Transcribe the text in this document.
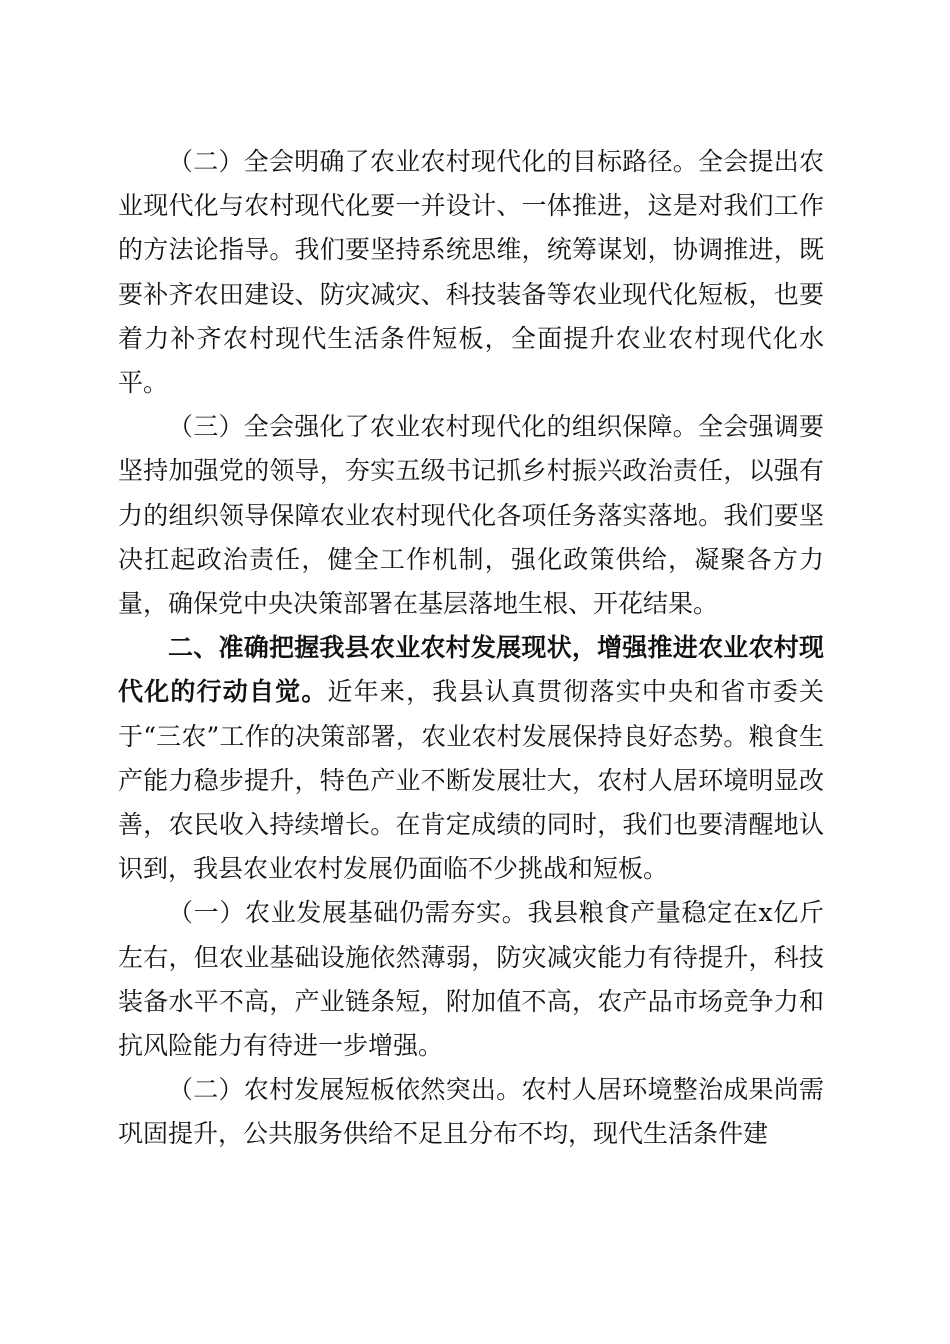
（二）全会明确了农业农村现代化的目标路径。全会提出农业现代化与农村现代化要一并设计、一体推进，这是对我们工作的方法论指导。我们要坚持系统思维，统筹谋划，协调推进，既要补齐农田建设、防灾减灾、科技装备等农业现代化短板，也要着力补齐农村现代生活条件短板，全面提升农业农村现代化水平。

（三）全会强化了农业农村现代化的组织保障。全会强调要坚持加强党的领导，夯实五级书记抓乡村振兴政治责任，以强有力的组织领导保障农业农村现代化各项任务落实落地。我们要坚决扛起政治责任，健全工作机制，强化政策供给，凝聚各方力量，确保党中央决策部署在基层落地生根、开花结果。

二、准确把握我县农业农村发展现状，增强推进农业农村现代化的行动自觉。近年来，我县认真贯彻落实中央和省市委关于“三农”工作的决策部署，农业农村发展保持良好态势。粮食生产能力稳步提升，特色产业不断发展壮大，农村人居环境明显改善，农民收入持续增长。在肯定成绩的同时，我们也要清醒地认识到，我县农业农村发展仍面临不少挑战和短板。

（一）农业发展基础仍需夯实。我县粮食产量稳定在x亿斤左右，但农业基础设施依然薄弱，防灾减灾能力有待提升，科技装备水平不高，产业链条短，附加值不高，农产品市场竞争力和抗风险能力有待进一步增强。

（二）农村发展短板依然突出。农村人居环境整治成果尚需巩固提升，公共服务供给不足且分布不均，现代生活条件建
